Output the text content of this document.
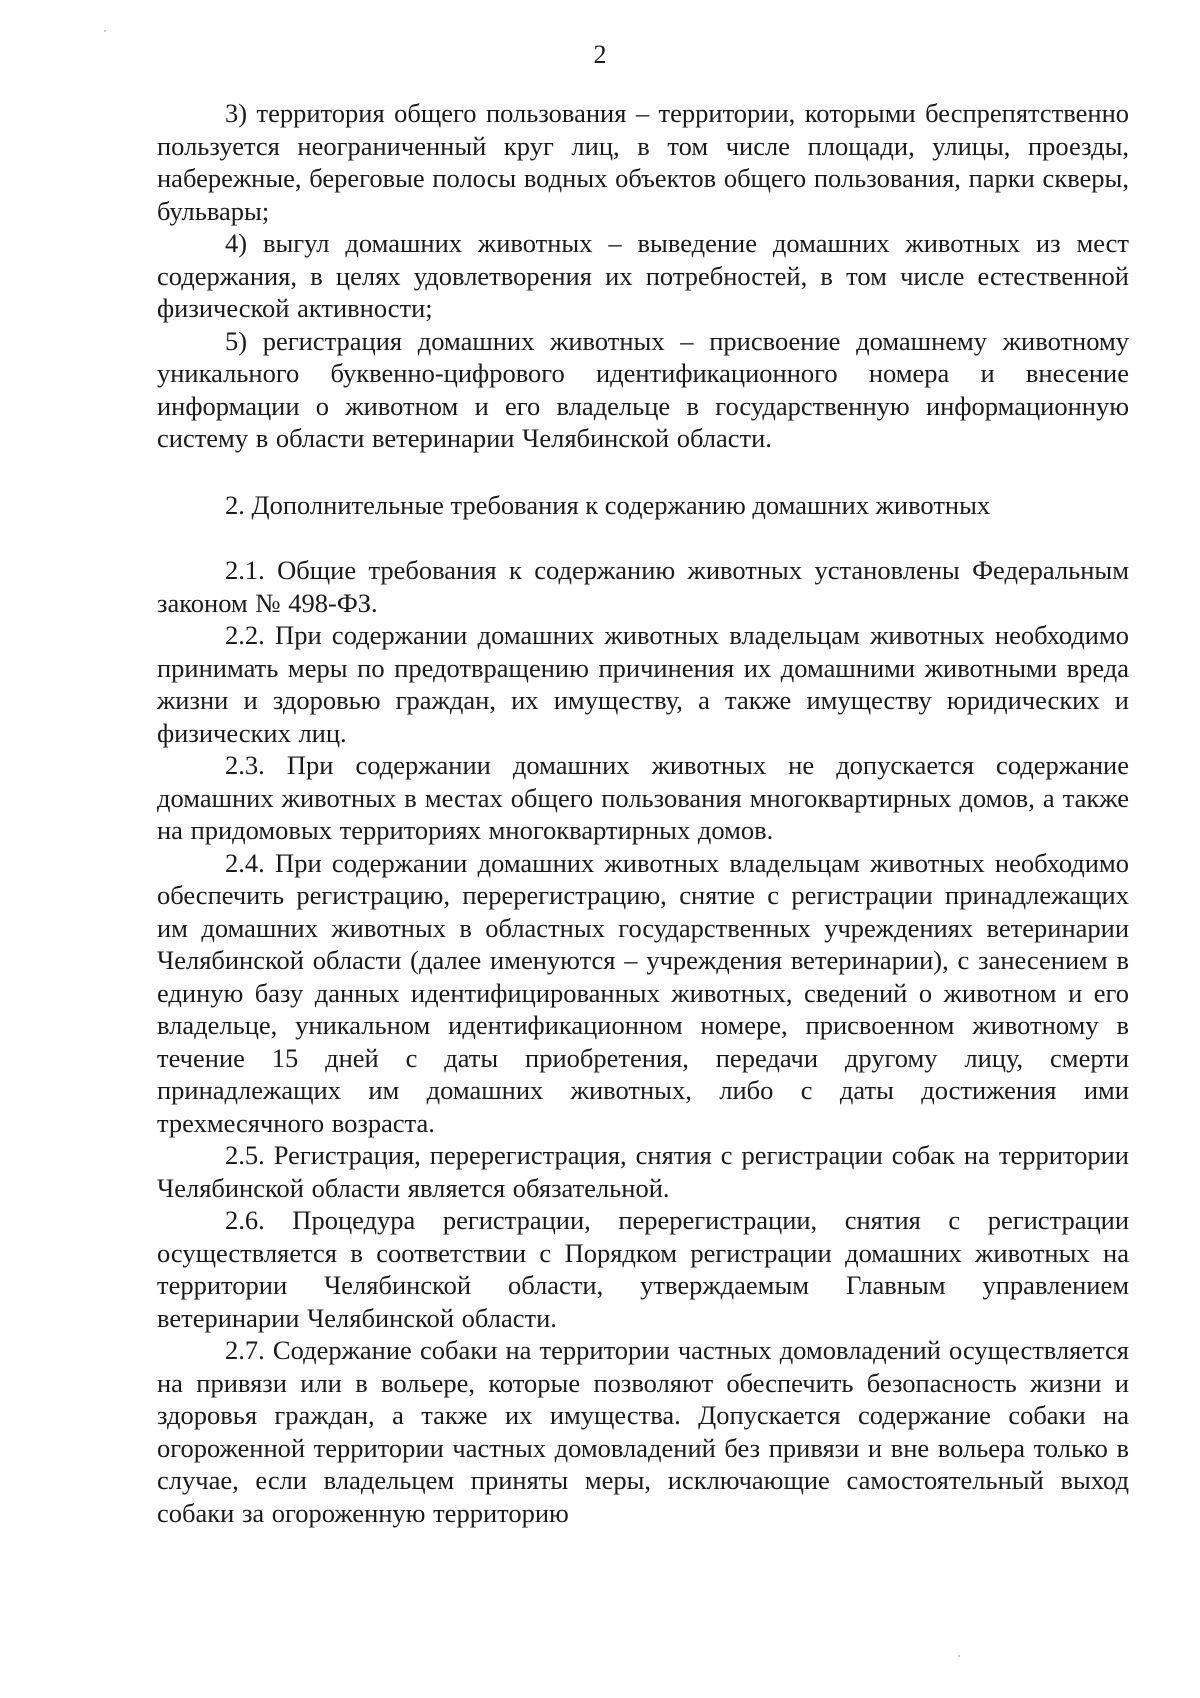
2

3) территория общего пользования – территории, которыми беспрепятственно пользуется неограниченный круг лиц, в том числе площади, улицы, проезды, набережные, береговые полосы водных объектов общего пользования, парки скверы, бульвары;

4) выгул домашних животных – выведение домашних животных из мест содержания, в целях удовлетворения их потребностей, в том числе естественной физической активности;

5) регистрация домашних животных – присвоение домашнему животному уникального буквенно-цифрового идентификационного номера и внесение информации о животном и его владельце в государственную информационную систему в области ветеринарии Челябинской области.

2. Дополнительные требования к содержанию домашних животных

2.1. Общие требования к содержанию животных установлены Федеральным законом № 498-ФЗ.

2.2. При содержании домашних животных владельцам животных необходимо принимать меры по предотвращению причинения их домашними животными вреда жизни и здоровью граждан, их имуществу, а также имуществу юридических и физических лиц.

2.3. При содержании домашних животных не допускается содержание домашних животных в местах общего пользования многоквартирных домов, а также на придомовых территориях многоквартирных домов.

2.4. При содержании домашних животных владельцам животных необходимо обеспечить регистрацию, перерегистрацию, снятие с регистрации принадлежащих им домашних животных в областных государственных учреждениях ветеринарии Челябинской области (далее именуются – учреждения ветеринарии), с занесением в единую базу данных идентифицированных животных, сведений о животном и его владельце, уникальном идентификационном номере, присвоенном животному в течение 15 дней с даты приобретения, передачи другому лицу, смерти принадлежащих им домашних животных, либо с даты достижения ими трехмесячного возраста.

2.5. Регистрация, перерегистрация, снятия с регистрации собак на территории Челябинской области является обязательной.

2.6. Процедура регистрации, перерегистрации, снятия с регистрации осуществляется в соответствии с Порядком регистрации домашних животных на территории Челябинской области, утверждаемым Главным управлением ветеринарии Челябинской области.

2.7. Содержание собаки на территории частных домовладений осуществляется на привязи или в вольере, которые позволяют обеспечить безопасность жизни и здоровья граждан, а также их имущества. Допускается содержание собаки на огороженной территории частных домовладений без привязи и вне вольера только в случае, если владельцем приняты меры, исключающие самостоятельный выход собаки за огороженную территорию
